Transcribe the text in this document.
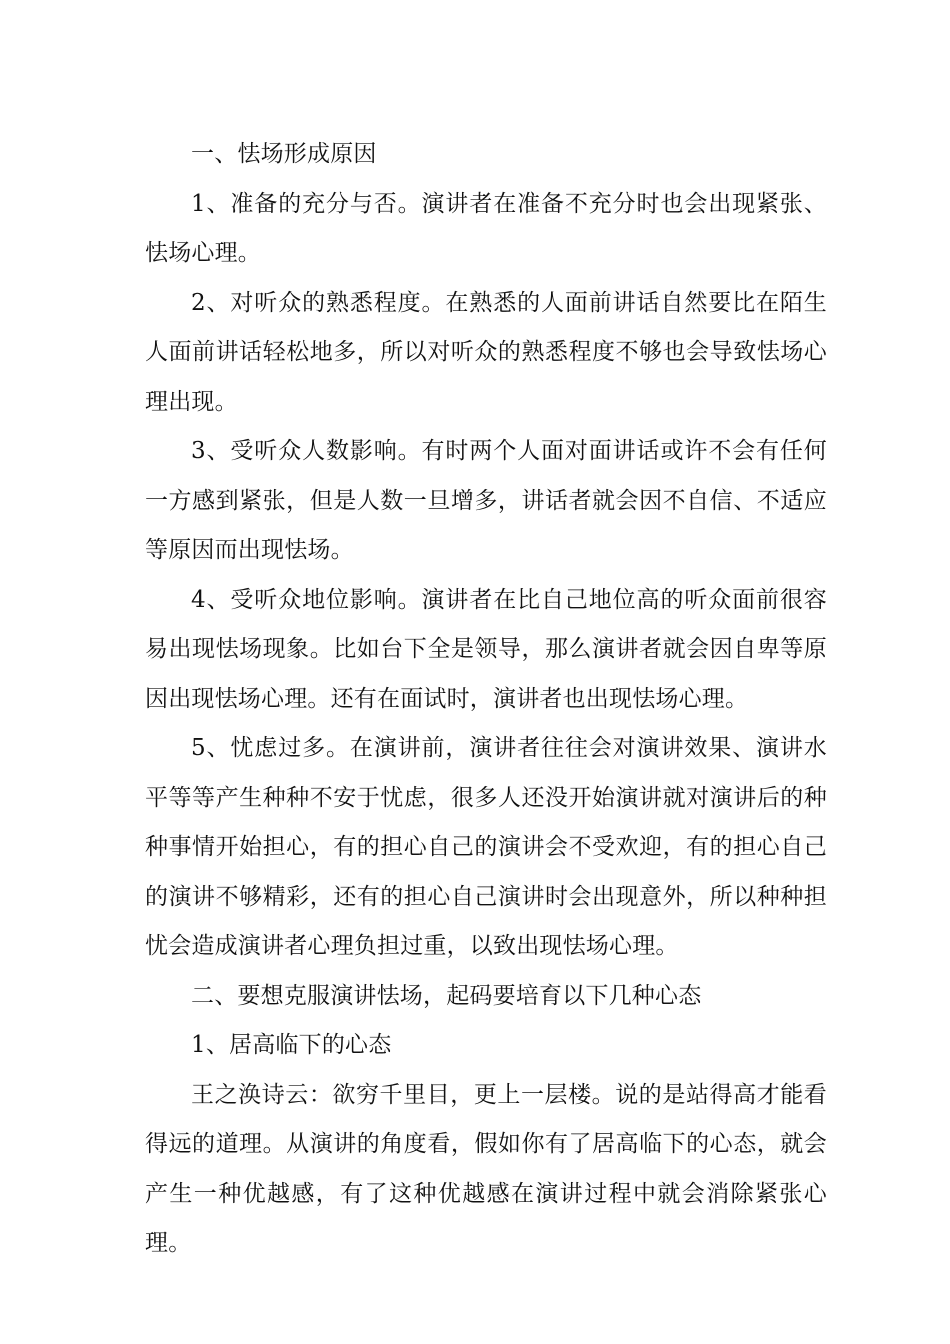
一、怯场形成原因

1、准备的充分与否。演讲者在准备不充分时也会出现紧张、怯场心理。

2、对听众的熟悉程度。在熟悉的人面前讲话自然要比在陌生人面前讲话轻松地多，所以对听众的熟悉程度不够也会导致怯场心理出现。

3、受听众人数影响。有时两个人面对面讲话或许不会有任何一方感到紧张，但是人数一旦增多，讲话者就会因不自信、不适应等原因而出现怯场。

4、受听众地位影响。演讲者在比自己地位高的听众面前很容易出现怯场现象。比如台下全是领导，那么演讲者就会因自卑等原因出现怯场心理。还有在面试时，演讲者也出现怯场心理。

5、忧虑过多。在演讲前，演讲者往往会对演讲效果、演讲水平等等产生种种不安于忧虑，很多人还没开始演讲就对演讲后的种种事情开始担心，有的担心自己的演讲会不受欢迎，有的担心自己的演讲不够精彩，还有的担心自己演讲时会出现意外，所以种种担忧会造成演讲者心理负担过重，以致出现怯场心理。

二、要想克服演讲怯场，起码要培育以下几种心态

1、居高临下的心态

王之涣诗云：欲穷千里目，更上一层楼。说的是站得高才能看得远的道理。从演讲的角度看，假如你有了居高临下的心态，就会产生一种优越感，有了这种优越感在演讲过程中就会消除紧张心理。
